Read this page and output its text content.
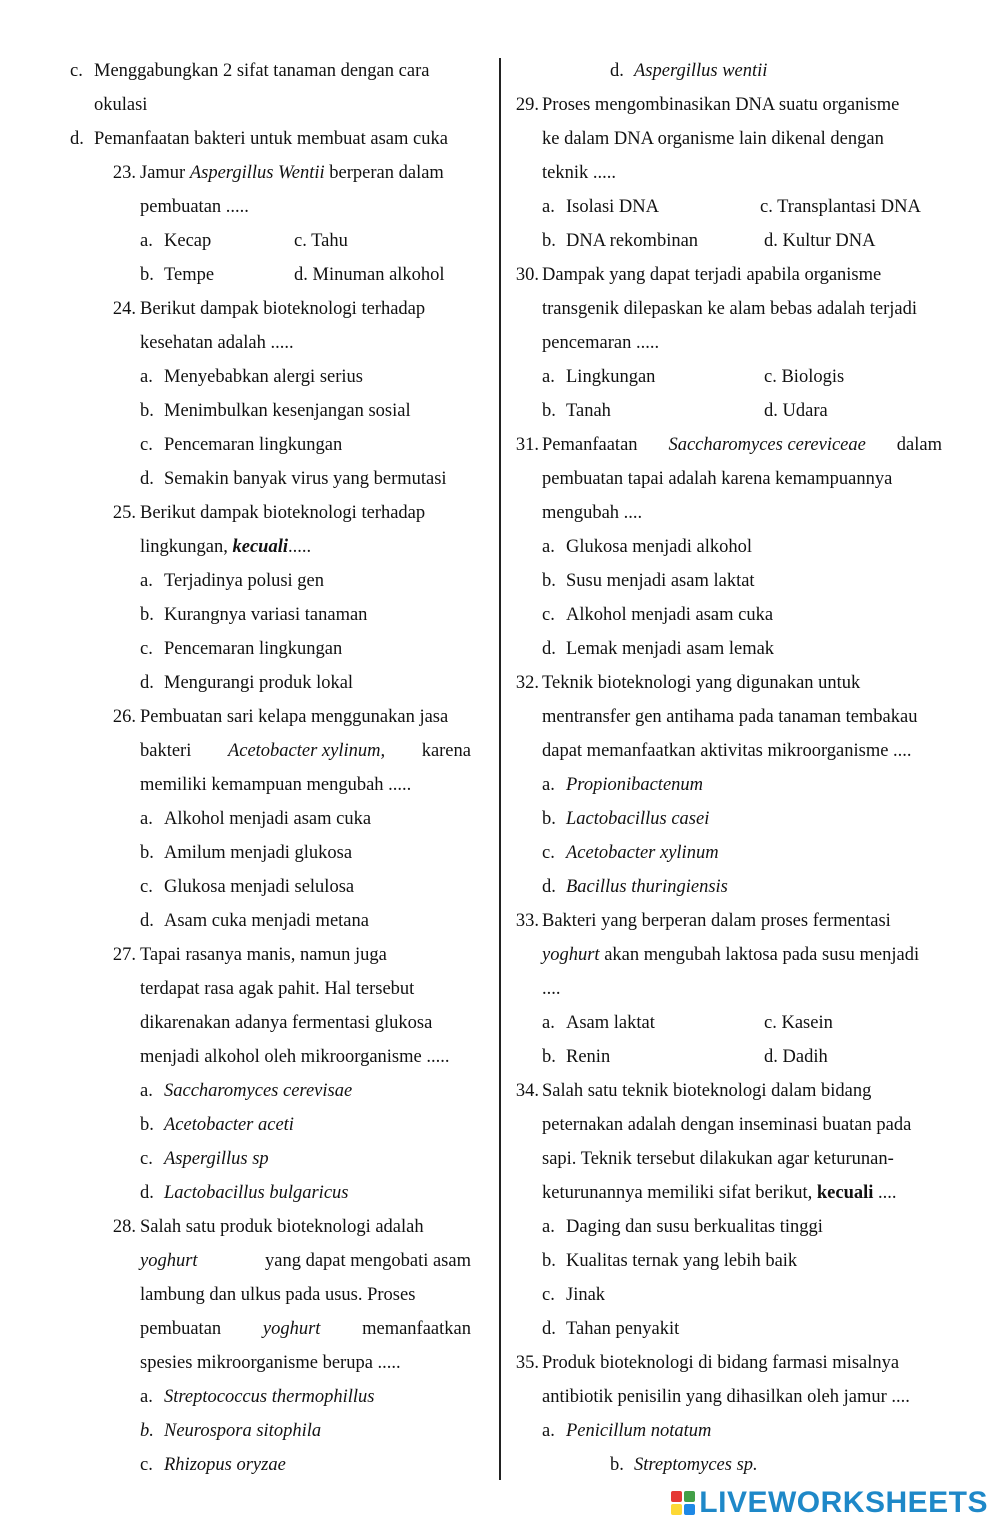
c. Menggabungkan 2 sifat tanaman dengan cara
okulasi
d. Pemanfaatan bakteri untuk membuat asam cuka
23. Jamur Aspergillus Wentii berperan dalam
pembuatan .....
a. Kecap	c. Tahu
b. Tempe	d. Minuman alkohol
24. Berikut dampak bioteknologi terhadap
kesehatan adalah .....
a. Menyebabkan alergi serius
b. Menimbulkan kesenjangan sosial
c. Pencemaran lingkungan
d. Semakin banyak virus yang bermutasi
25. Berikut dampak bioteknologi terhadap
lingkungan, kecuali.....
a. Terjadinya polusi gen
b. Kurangnya variasi tanaman
c. Pencemaran lingkungan
d. Mengurangi produk lokal
26. Pembuatan sari kelapa menggunakan jasa
bakteri Acetobacter xylinum, karena
memiliki kemampuan mengubah .....
a. Alkohol menjadi asam cuka
b. Amilum menjadi glukosa
c. Glukosa menjadi selulosa
d. Asam cuka menjadi metana
27. Tapai rasanya manis, namun juga
terdapat rasa agak pahit. Hal tersebut
dikarenakan adanya fermentasi glukosa
menjadi alkohol oleh mikroorganisme .....
a. Saccharomyces cerevisae
b. Acetobacter aceti
c. Aspergillus sp
d. Lactobacillus bulgaricus
28. Salah satu produk bioteknologi adalah
yoghurt	yang dapat mengobati asam
lambung dan ulkus pada usus. Proses
pembuatan yoghurt memanfaatkan
spesies mikroorganisme berupa .....
a. Streptococcus thermophillus
b. Neurospora sitophila
c. Rhizopus oryzae
d. Aspergillus wentii
29. Proses mengombinasikan DNA suatu organisme
ke dalam DNA organisme lain dikenal dengan
teknik .....
a. Isolasi DNA	c. Transplantasi DNA
b. DNA rekombinan	d. Kultur DNA
30. Dampak yang dapat terjadi apabila organisme
transgenik dilepaskan ke alam bebas adalah terjadi
pencemaran .....
a. Lingkungan	c. Biologis
b. Tanah	d. Udara
31. Pemanfaatan Saccharomyces cereviceae dalam
pembuatan tapai adalah karena kemampuannya
mengubah ....
a. Glukosa menjadi alkohol
b. Susu menjadi asam laktat
c. Alkohol menjadi asam cuka
d. Lemak menjadi asam lemak
32. Teknik bioteknologi yang digunakan untuk
mentransfer gen antihama pada tanaman tembakau
dapat memanfaatkan aktivitas mikroorganisme ....
a. Propionibactenum
b. Lactobacillus casei
c. Acetobacter xylinum
d. Bacillus thuringiensis
33. Bakteri yang berperan dalam proses fermentasi
yoghurt akan mengubah laktosa pada susu menjadi
....
a. Asam laktat	c. Kasein
b. Renin	d. Dadih
34. Salah satu teknik bioteknologi dalam bidang
peternakan adalah dengan inseminasi buatan pada
sapi. Teknik tersebut dilakukan agar keturunan-
keturunannya memiliki sifat berikut, kecuali ....
a. Daging dan susu berkualitas tinggi
b. Kualitas ternak yang lebih baik
c. Jinak
d. Tahan penyakit
35. Produk bioteknologi di bidang farmasi misalnya
antibiotik penisilin yang dihasilkan oleh jamur ....
a. Penicillum notatum
b. Streptomyces sp.
LIVEWORKSHEETS
